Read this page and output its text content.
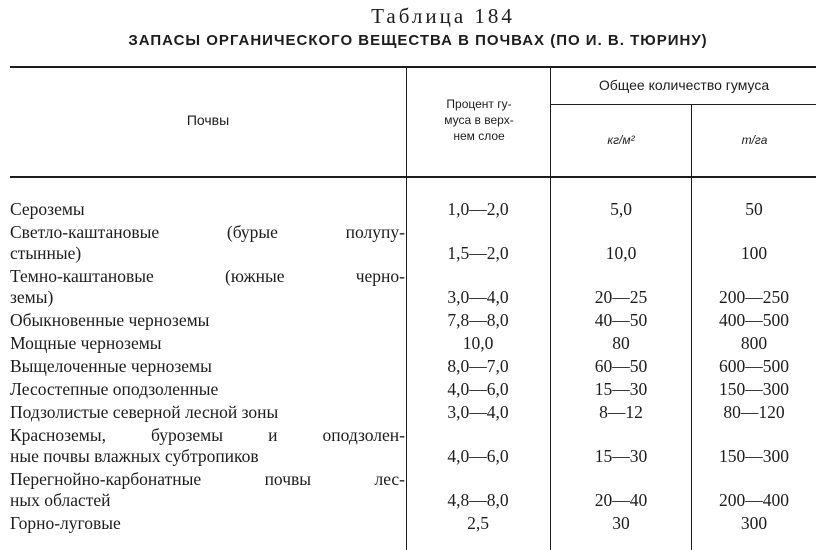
Таблица 184
ЗАПАСЫ ОРГАНИЧЕСКОГО ВЕЩЕСТВА В ПОЧВАХ (ПО И. В. ТЮРИНУ)
Почвы
Процент гу-
муса в верх-
нем слое
Общее количество гумуса
кг/м²	т/га
Сероземы	1,0—2,0	5,0	50
Светло-каштановые (бурые полупу-
стынные)	1,5—2,0	10,0	100
Темно-каштановые (южные черно-
земы)	3,0—4,0	20—25	200—250
Обыкновенные черноземы	7,8—8,0	40—50	400—500
Мощные черноземы	10,0	80	800
Выщелоченные черноземы	8,0—7,0	60—50	600—500
Лесостепные оподзоленные	4,0—6,0	15—30	150—300
Подзолистые северной лесной зоны	3,0—4,0	8—12	80—120
Красноземы, буроземы и оподзолен-
ные почвы влажных субтропиков	4,0—6,0	15—30	150—300
Перегнойно-карбонатные почвы лес-
ных областей	4,8—8,0	20—40	200—400
Горно-луговые	2,5	30	300
